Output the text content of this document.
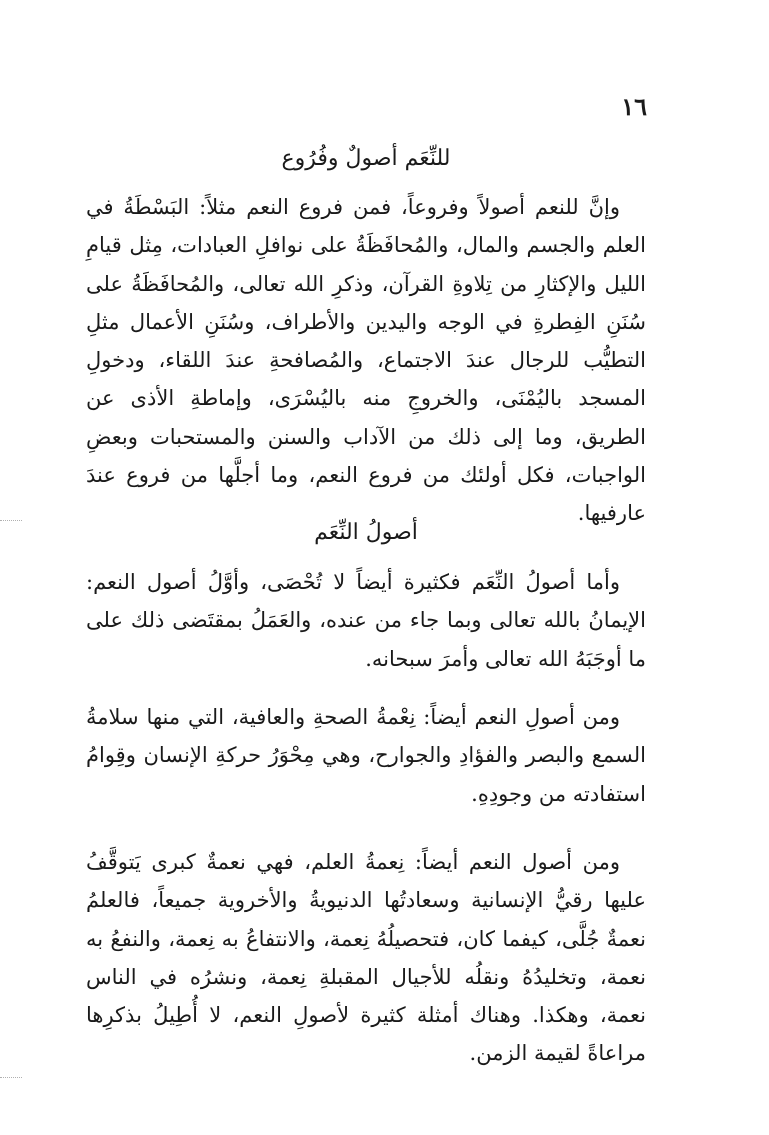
١٦
للنِّعَم أصولٌ وفُرُوع

وإنَّ للنعم أصولاً وفروعاً، فمن فروع النعم مثلاً: البَسْطَةُ في العلم والجسم والمال، والمُحافَظَةُ على نوافلِ العبادات، مِثل قيامِ الليل والإكثارِ من تِلاوةِ القرآن، وذكرِ الله تعالى، والمُحافَظَةُ على سُنَنِ الفِطرةِ في الوجه واليدين والأطراف، وسُنَنِ الأعمال مثلِ التطيُّب للرجال عندَ الاجتماع، والمُصافحةِ عندَ اللقاء، ودخولِ المسجد باليُمْنَى، والخروجِ منه باليُسْرَى، وإماطةِ الأذى عن الطريق، وما إلى ذلك من الآداب والسنن والمستحبات وبعضِ الواجبات، فكل أولئك من فروع النعم، وما أجلَّها من فروع عندَ عارفيها.

أصولُ النِّعَم

وأما أصولُ النِّعَم فكثيرة أيضاً لا تُحْصَى، وأوَّلُ أصول النعم: الإيمانُ بالله تعالى وبما جاء من عنده، والعَمَلُ بمقتَضى ذلك على ما أوجَبَهُ الله تعالى وأمرَ سبحانه.

ومن أصولِ النعم أيضاً: نِعْمةُ الصحةِ والعافية، التي منها سلامةُ السمع والبصر والفؤادِ والجوارح، وهي مِحْوَرُ حركةِ الإنسان وقِوامُ استفادته من وجودِهِ.

ومن أصول النعم أيضاً: نِعمةُ العلم، فهي نعمةٌ كبرى يَتوقَّفُ عليها رقيُّ الإنسانية وسعادتُها الدنيويةُ والأخروية جميعاً، فالعلمُ نعمةٌ جُلَّى، كيفما كان، فتحصيلُهُ نِعمة، والانتفاعُ به نِعمة، والنفعُ به نعمة، وتخليدُهُ ونقلُه للأجيال المقبلةِ نِعمة، ونشرُه في الناس نعمة، وهكذا. وهناك أمثلة كثيرة لأصولِ النعم، لا أُطِيلُ بذكرِها مراعاةً لقيمة الزمن.
